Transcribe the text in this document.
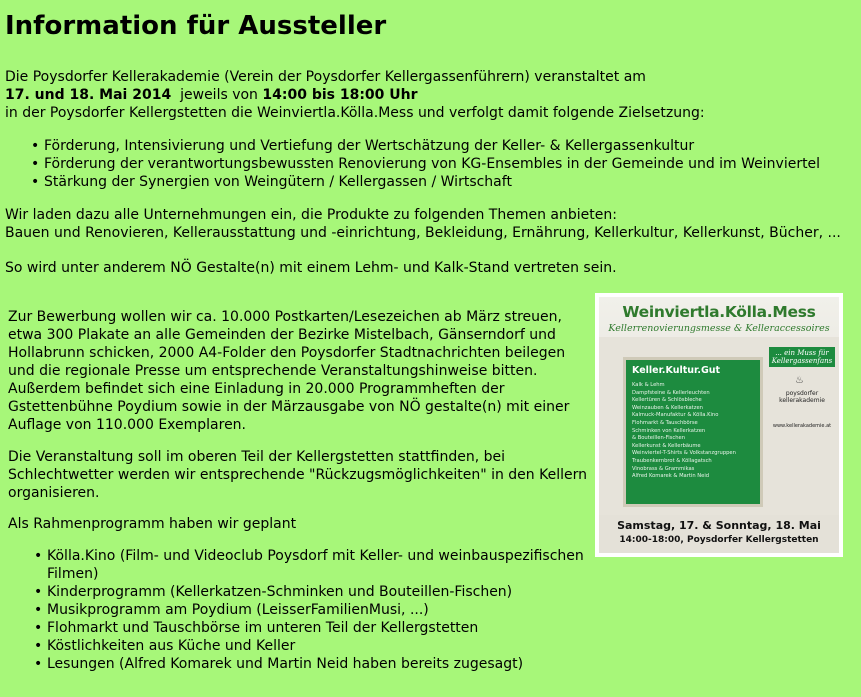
Information für Aussteller

Die Poysdorfer Kellerakademie (Verein der Poysdorfer Kellergassenführern) veranstaltet am

17. und 18. Mai 2014 jeweils von 14:00 bis 18:00 Uhr

in der Poysdorfer Kellergstetten die Weinviertla.Kölla.Mess und verfolgt damit folgende Zielsetzung:

• Förderung, Intensivierung und Vertiefung der Wertschätzung der Keller- & Kellergassenkultur
• Förderung der verantwortungsbewussten Renovierung von KG-Ensembles in der Gemeinde und im Weinviertel
• Stärkung der Synergien von Weingütern / Kellergassen / Wirtschaft

Wir laden dazu alle Unternehmungen ein, die Produkte zu folgenden Themen anbieten:

Bauen und Renovieren, Kellerausstattung und -einrichtung, Bekleidung, Ernährung, Kellerkultur, Kellerkunst, Bücher, ...

So wird unter anderem NÖ Gestalte(n) mit einem Lehm- und Kalk-Stand vertreten sein.
Zur Bewerbung wollen wir ca. 10.000 Postkarten/Lesezeichen ab März streuen, etwa 300 Plakate an alle Gemeinden der Bezirke Mistelbach, Gänserndorf und Hollabrunn schicken, 2000 A4-Folder den Poysdorfer Stadtnachrichten beilegen und die regionale Presse um entsprechende Veranstaltungshinweise bitten. Außerdem befindet sich eine Einladung in 20.000 Programmheften der Gstettenbühne Poydium sowie in der Märzausgabe von NÖ gestalte(n) mit einer Auflage von 110.000 Exemplaren.
Die Veranstaltung soll im oberen Teil der Kellergstetten stattfinden, bei Schlechtwetter werden wir entsprechende "Rückzugsmöglichkeiten" in den Kellern organisieren.
Als Rahmenprogramm haben wir geplant
• Kölla.Kino (Film- und Videoclub Poysdorf mit Keller- und weinbauspezifischen Filmen)
• Kinderprogramm (Kellerkatzen-Schminken und Bouteillen-Fischen)
• Musikprogramm am Poydium (LeisserFamilienMusi, ...)
• Flohmarkt und Tauschbörse im unteren Teil der Kellergstetten
• Köstlichkeiten aus Küche und Keller
• Lesungen (Alfred Komarek und Martin Neid haben bereits zugesagt)
Weinviertla.Kölla.Mess
Kellerrenovierungsmesse & Kelleraccessoires
Keller.Kultur.Gut
Kalk & Lehm
Dampfsteine & Kellerleuchten
Kellertüren & Schlösbleche
Weinzauben & Kellerkatzen
Kalmuck-Manufaktur & Kölla.Kino
Flohmarkt & Tauschbörse
Schminken von Kellerkatzen
& Bouteillen-Fischen
Kellerkunst & Kellerbäume
Weinviertel-T-Shirts & Volkstanzgruppen
Traubenkernbrot & Köllagatsch
Vinobrass & Grammikas
Alfred Komarek & Martin Neid
... ein Muss für Kellergassenfans
♨
poysdorfer kellerakademie
www.kellerakademie.at
Samstag, 17. & Sonntag, 18. Mai
14:00-18:00, Poysdorfer Kellergstetten
